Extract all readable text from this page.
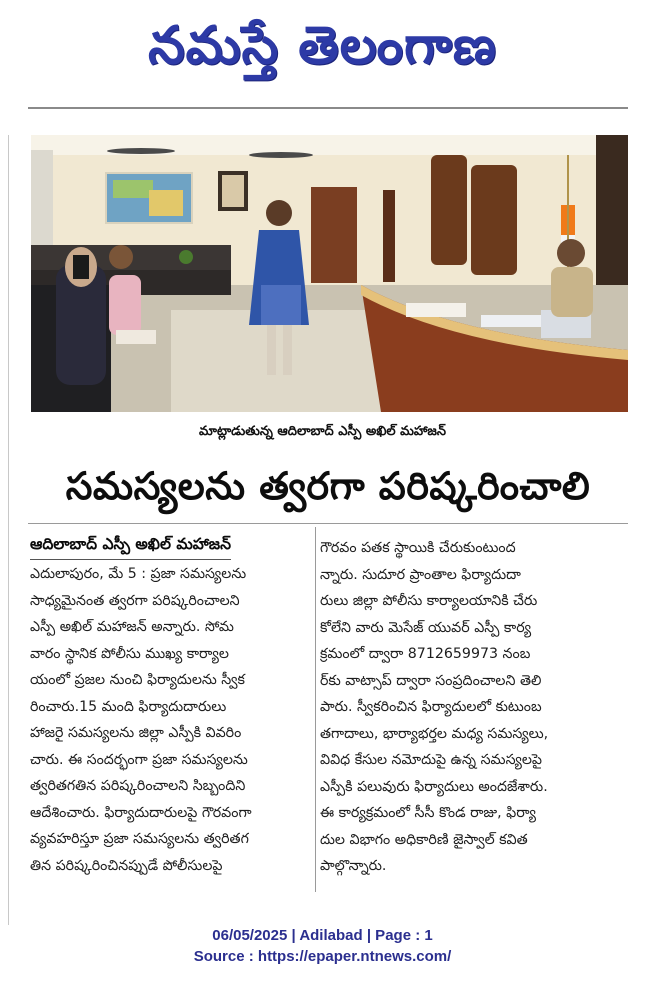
నమస్తే తెలంగాణ
మాట్లాడుతున్న ఆదిలాబాద్ ఎస్పీ అఖిల్ మహాజన్
సమస్యలను త్వరగా పరిష్కరించాలి
ఆదిలాబాద్ ఎస్పీ అఖిల్ మహాజన్

ఎదులాపురం, మే 5 : ప్రజా సమస్యలను

సాధ్యమైనంత త్వరగా పరిష్కరించాలని

ఎస్పీ అఖిల్ మహాజన్ అన్నారు. సోమ

వారం స్థానిక పోలీసు ముఖ్య కార్యాల

యంలో ప్రజల నుంచి ఫిర్యాదులను స్వీక

రించారు.15 మంది ఫిర్యాదుదారులు

హాజరై సమస్యలను జిల్లా ఎస్పీకి వివరిం

చారు. ఈ సందర్భంగా ప్రజా సమస్యలను

త్వరితగతిన పరిష్కరించాలని సిబ్బందిని

ఆదేశించారు. ఫిర్యాదుదారులపై గౌరవంగా

వ్యవహరిస్తూ ప్రజా సమస్యలను త్వరితగ

తిన పరిష్కరించినప్పుడే పోలీసులపై

గౌరవం పతక స్థాయికి చేరుకుంటుంద

న్నారు. సుదూర ప్రాంతాల ఫిర్యాదుదా

రులు జిల్లా పోలీసు కార్యాలయానికి చేరు

కోలేని వారు మెసేజ్ యువర్ ఎస్పీ కార్య

క్రమంలో ద్వారా 8712659973 నంబ

ర్‌కు వాట్సాప్ ద్వారా సంప్రదించాలని తెలి

పారు. స్వీకరించిన ఫిర్యాదులలో కుటుంబ

తగాదాలు, భార్యాభర్తల మధ్య సమస్యలు,

వివిధ కేసుల నమోదుపై ఉన్న సమస్యలపై

ఎస్పీకి పలువురు ఫిర్యాదులు అందజేశారు.

ఈ కార్యక్రమంలో సీసీ కొండ రాజు, ఫిర్యా

దుల విభాగం అధికారిణి జైస్వాల్ కవిత

పాల్గొన్నారు.

06/05/2025 | Adilabad | Page : 1
Source : https://epaper.ntnews.com/
